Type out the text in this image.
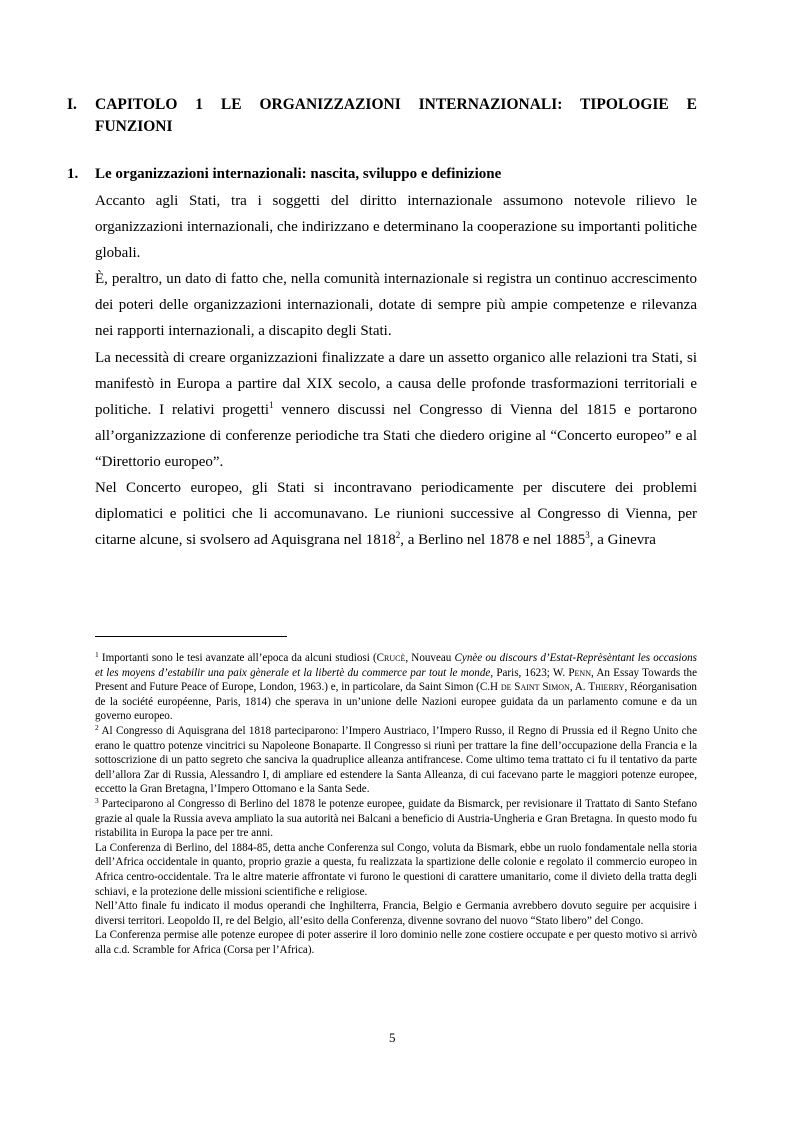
I. CAPITOLO 1 LE ORGANIZZAZIONI INTERNAZIONALI: TIPOLOGIE E
FUNZIONI
1. Le organizzazioni internazionali: nascita, sviluppo e definizione

Accanto agli Stati, tra i soggetti del diritto internazionale assumono notevole rilievo le organizzazioni internazionali, che indirizzano e determinano la cooperazione su importanti politiche globali.

È, peraltro, un dato di fatto che, nella comunità internazionale si registra un continuo accrescimento dei poteri delle organizzazioni internazionali, dotate di sempre più ampie competenze e rilevanza nei rapporti internazionali, a discapito degli Stati.

La necessità di creare organizzazioni finalizzate a dare un assetto organico alle relazioni tra Stati, si manifestò in Europa a partire dal XIX secolo, a causa delle profonde trasformazioni territoriali e politiche. I relativi progetti$^1$ vennero discussi nel Congresso di Vienna del 1815 e portarono all’organizzazione di conferenze periodiche tra Stati che diedero origine al “Concerto europeo” e al “Direttorio europeo”.

Nel Concerto europeo, gli Stati si incontravano periodicamente per discutere dei problemi diplomatici e politici che li accomunavano. Le riunioni successive al Congresso di Vienna, per citarne alcune, si svolsero ad Aquisgrana nel 1818$^2$, a Berlino nel 1878 e nel 1885$^3$, a Ginevra

$^1$ Importanti sono le tesi avanzate all’epoca da alcuni studiosi (Crucè, Nouveau Cynèe ou discours d’Estat-Reprèsèntant les occasions et les moyens d’estabilir una paix gènerale et la libertè du commerce par tout le monde, Paris, 1623; W. Penn, An Essay Towards the Present and Future Peace of Europe, London, 1963.) e, in particolare, da Saint Simon (C.H de Saint Simon, A. Thierry, Réorganisation de la société européenne, Paris, 1814) che sperava in un’unione delle Nazioni europee guidata da un parlamento comune e da un governo europeo.

$^2$ Al Congresso di Aquisgrana del 1818 parteciparono: l’Impero Austriaco, l’Impero Russo, il Regno di Prussia ed il Regno Unito che erano le quattro potenze vincitrici su Napoleone Bonaparte. Il Congresso si riunì per trattare la fine dell’occupazione della Francia e la sottoscrizione di un patto segreto che sanciva la quadruplice alleanza antifrancese. Come ultimo tema trattato ci fu il tentativo da parte dell’allora Zar di Russia, Alessandro I, di ampliare ed estendere la Santa Alleanza, di cui facevano parte le maggiori potenze europee, eccetto la Gran Bretagna, l’Impero Ottomano e la Santa Sede.

$^3$ Parteciparono al Congresso di Berlino del 1878 le potenze europee, guidate da Bismarck, per revisionare il Trattato di Santo Stefano grazie al quale la Russia aveva ampliato la sua autorità nei Balcani a beneficio di Austria-Ungheria e Gran Bretagna. In questo modo fu ristabilita in Europa la pace per tre anni.

La Conferenza di Berlino, del 1884-85, detta anche Conferenza sul Congo, voluta da Bismark, ebbe un ruolo fondamentale nella storia dell’Africa occidentale in quanto, proprio grazie a questa, fu realizzata la spartizione delle colonie e regolato il commercio europeo in Africa centro-occidentale. Tra le altre materie affrontate vi furono le questioni di carattere umanitario, come il divieto della tratta degli schiavi, e la protezione delle missioni scientifiche e religiose.

Nell’Atto finale fu indicato il modus operandi che Inghilterra, Francia, Belgio e Germania avrebbero dovuto seguire per acquisire i diversi territori. Leopoldo II, re del Belgio, all’esito della Conferenza, divenne sovrano del nuovo “Stato libero” del Congo.

La Conferenza permise alle potenze europee di poter asserire il loro dominio nelle zone costiere occupate e per questo motivo si arrivò alla c.d. Scramble for Africa (Corsa per l’Africa).

5
